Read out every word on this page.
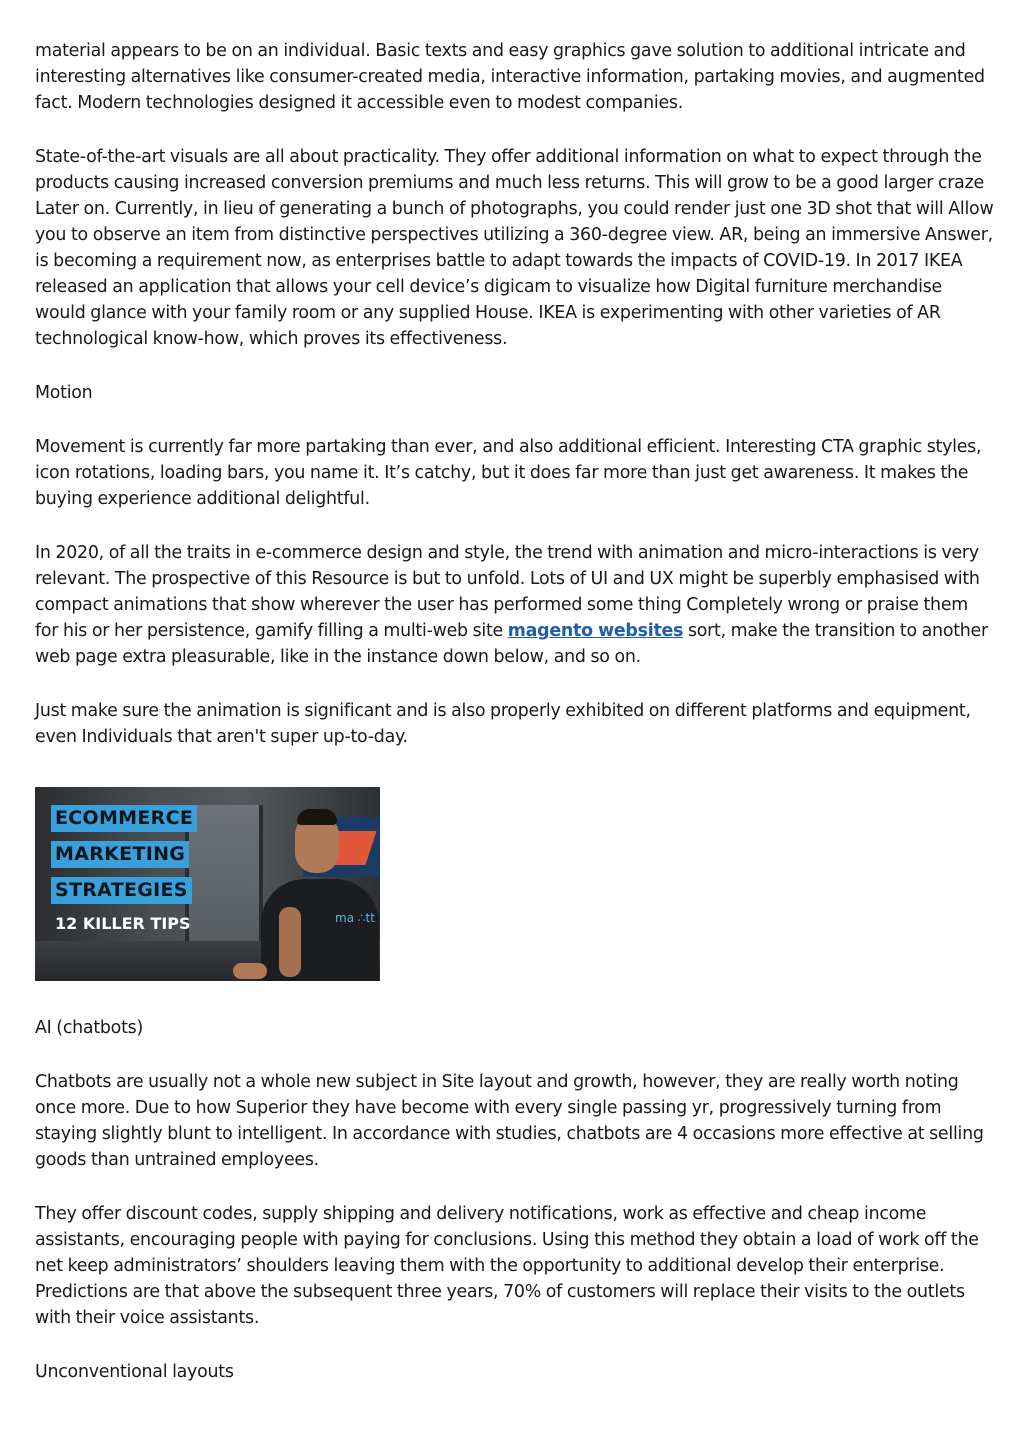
material appears to be on an individual. Basic texts and easy graphics gave solution to additional intricate and interesting alternatives like consumer-created media, interactive information, partaking movies, and augmented fact. Modern technologies designed it accessible even to modest companies.

State-of-the-art visuals are all about practicality. They offer additional information on what to expect through the products causing increased conversion premiums and much less returns. This will grow to be a good larger craze Later on. Currently, in lieu of generating a bunch of photographs, you could render just one 3D shot that will Allow you to observe an item from distinctive perspectives utilizing a 360-degree view. AR, being an immersive Answer, is becoming a requirement now, as enterprises battle to adapt towards the impacts of COVID-19. In 2017 IKEA released an application that allows your cell device’s digicam to visualize how Digital furniture merchandise would glance with your family room or any supplied House. IKEA is experimenting with other varieties of AR technological know-how, which proves its effectiveness.

Motion

Movement is currently far more partaking than ever, and also additional efficient. Interesting CTA graphic styles, icon rotations, loading bars, you name it. It’s catchy, but it does far more than just get awareness. It makes the buying experience additional delightful.

In 2020, of all the traits in e-commerce design and style, the trend with animation and micro-interactions is very relevant. The prospective of this Resource is but to unfold. Lots of UI and UX might be superbly emphasised with compact animations that show wherever the user has performed some thing Completely wrong or praise them for his or her persistence, gamify filling a multi-web site magento websites sort, make the transition to another web page extra pleasurable, like in the instance down below, and so on.

Just make sure the animation is significant and is also properly exhibited on different platforms and equipment, even Individuals that aren't super up-to-day.

ma ∴tt
ECOMMERCE
MARKETING
STRATEGIES
12 KILLER TIPS

AI (chatbots)

Chatbots are usually not a whole new subject in Site layout and growth, however, they are really worth noting once more. Due to how Superior they have become with every single passing yr, progressively turning from staying slightly blunt to intelligent. In accordance with studies, chatbots are 4 occasions more effective at selling goods than untrained employees.

They offer discount codes, supply shipping and delivery notifications, work as effective and cheap income assistants, encouraging people with paying for conclusions. Using this method they obtain a load of work off the net keep administrators’ shoulders leaving them with the opportunity to additional develop their enterprise. Predictions are that above the subsequent three years, 70% of customers will replace their visits to the outlets with their voice assistants.

Unconventional layouts
